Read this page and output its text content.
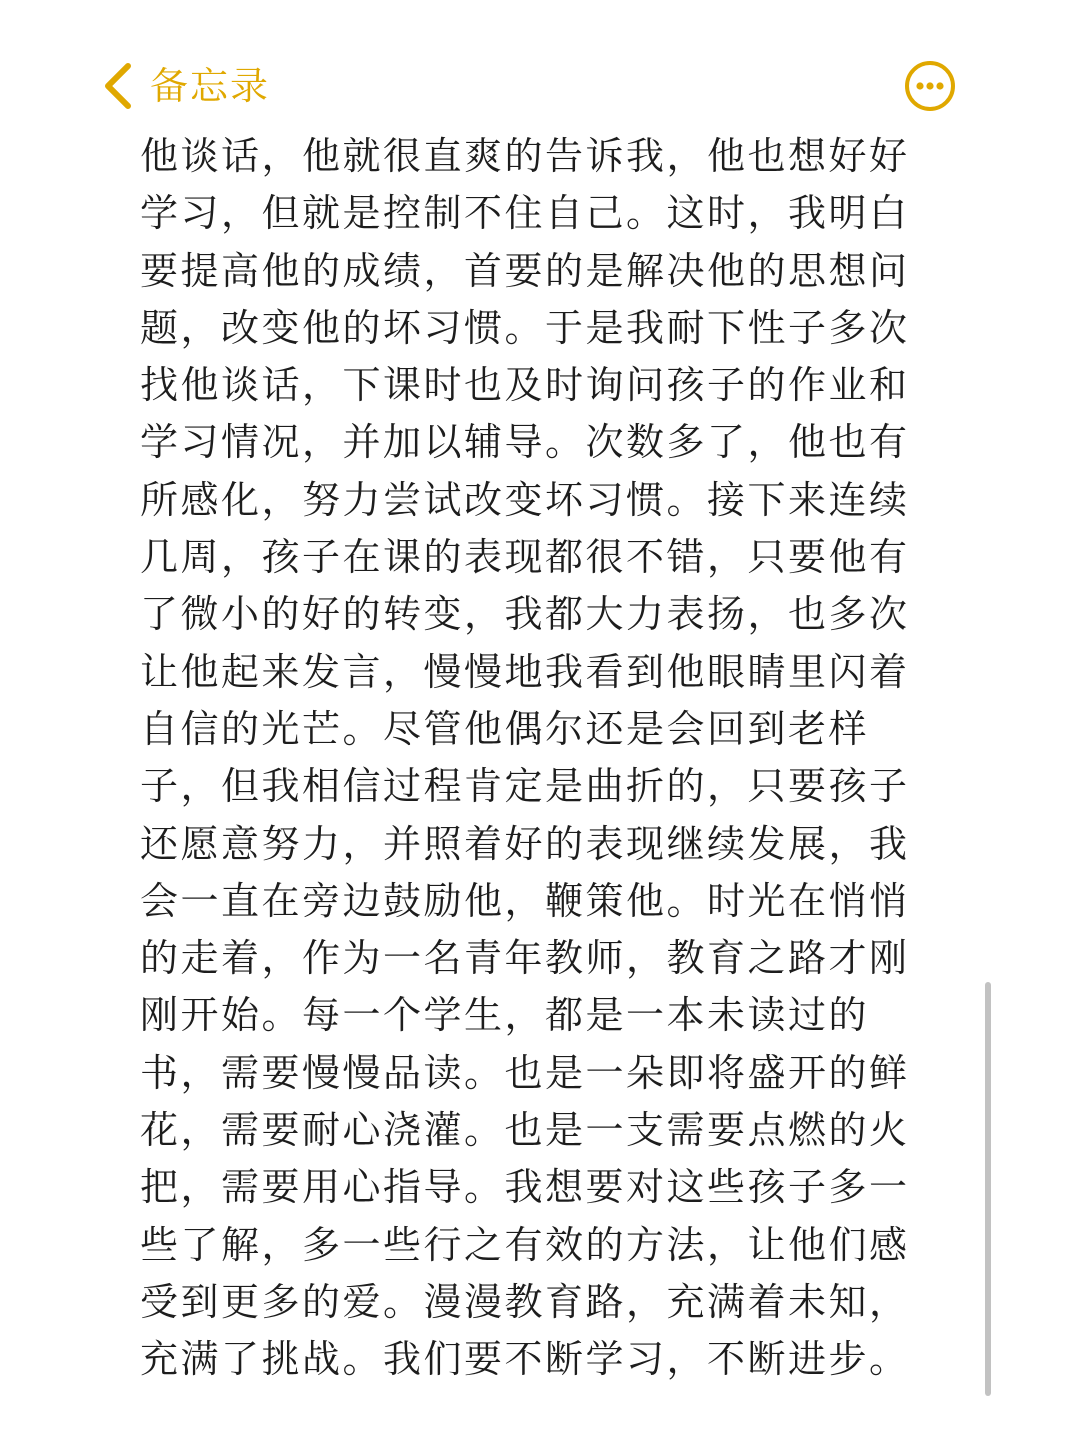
备忘录
他谈话，他就很直爽的告诉我，他也想好好
学习，但就是控制不住自己。这时，我明白
要提高他的成绩，首要的是解决他的思想问
题，改变他的坏习惯。于是我耐下性子多次
找他谈话，下课时也及时询问孩子的作业和
学习情况，并加以辅导。次数多了，他也有
所感化，努力尝试改变坏习惯。接下来连续
几周，孩子在课的表现都很不错，只要他有
了微小的好的转变，我都大力表扬，也多次
让他起来发言，慢慢地我看到他眼睛里闪着
自信的光芒。尽管他偶尔还是会回到老样
子，但我相信过程肯定是曲折的，只要孩子
还愿意努力，并照着好的表现继续发展，我
会一直在旁边鼓励他，鞭策他。时光在悄悄
的走着，作为一名青年教师，教育之路才刚
刚开始。每一个学生，都是一本未读过的
书，需要慢慢品读。也是一朵即将盛开的鲜
花，需要耐心浇灌。也是一支需要点燃的火
把，需要用心指导。我想要对这些孩子多一
些了解，多一些行之有效的方法，让他们感
受到更多的爱。漫漫教育路，充满着未知，
充满了挑战。我们要不断学习，不断进步。
